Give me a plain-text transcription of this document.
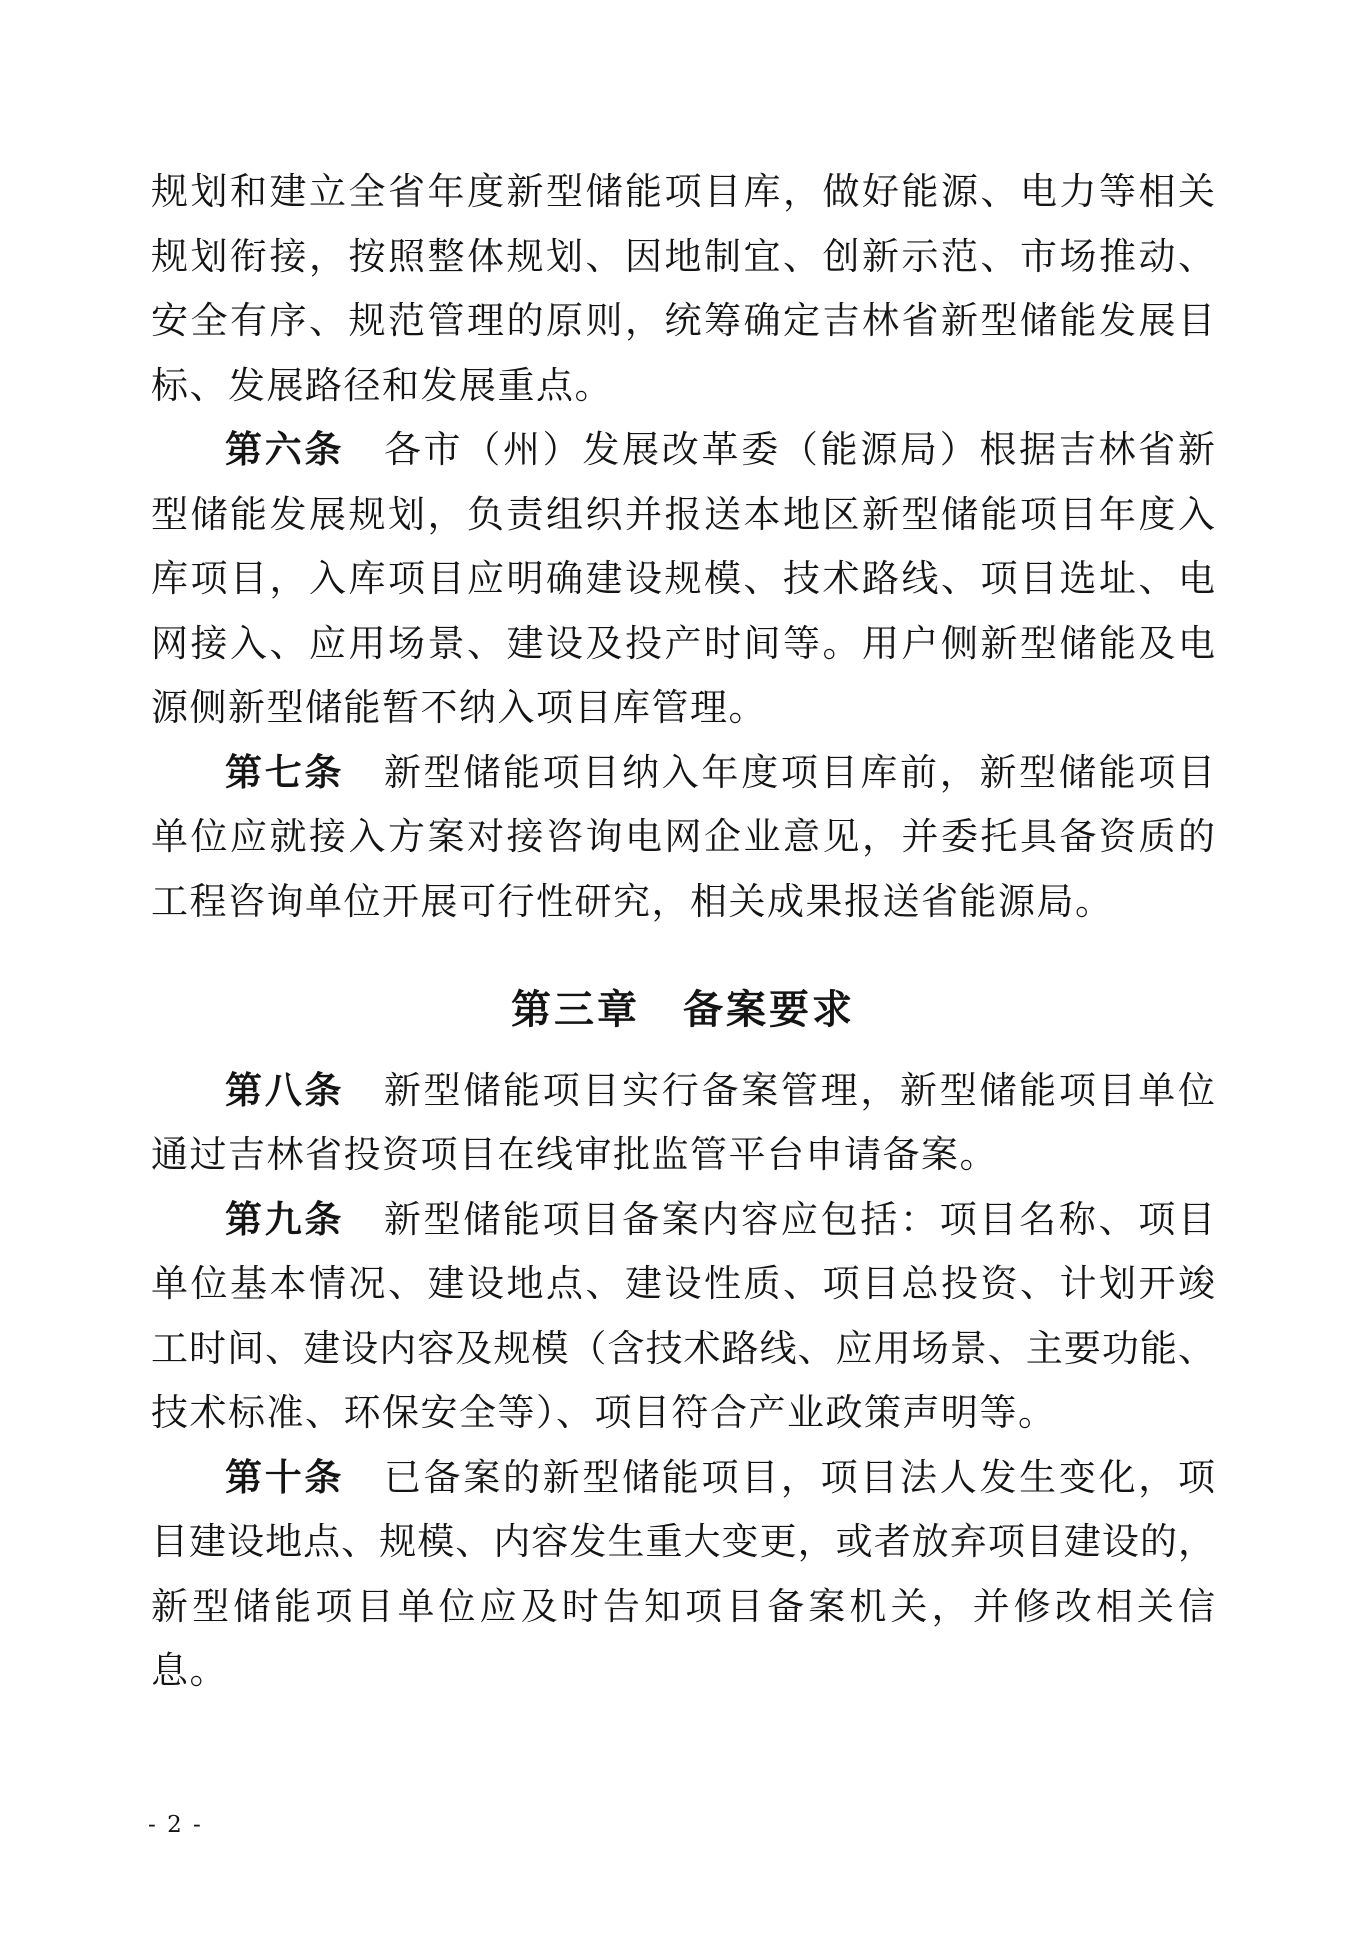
规划和建立全省年度新型储能项目库，做好能源、电力等相关
规划衔接，按照整体规划、因地制宜、创新示范、市场推动、
安全有序、规范管理的原则，统筹确定吉林省新型储能发展目
标、发展路径和发展重点。
第六条　各市（州）发展改革委（能源局）根据吉林省新
型储能发展规划，负责组织并报送本地区新型储能项目年度入
库项目，入库项目应明确建设规模、技术路线、项目选址、电
网接入、应用场景、建设及投产时间等。用户侧新型储能及电
源侧新型储能暂不纳入项目库管理。
第七条　新型储能项目纳入年度项目库前，新型储能项目
单位应就接入方案对接咨询电网企业意见，并委托具备资质的
工程咨询单位开展可行性研究，相关成果报送省能源局。
第三章　备案要求
第八条　新型储能项目实行备案管理，新型储能项目单位
通过吉林省投资项目在线审批监管平台申请备案。
第九条　新型储能项目备案内容应包括：项目名称、项目
单位基本情况、建设地点、建设性质、项目总投资、计划开竣
工时间、建设内容及规模（含技术路线、应用场景、主要功能、
技术标准、环保安全等）、项目符合产业政策声明等。
第十条　已备案的新型储能项目，项目法人发生变化，项
目建设地点、规模、内容发生重大变更，或者放弃项目建设的，
新型储能项目单位应及时告知项目备案机关，并修改相关信
息。
- 2 -
